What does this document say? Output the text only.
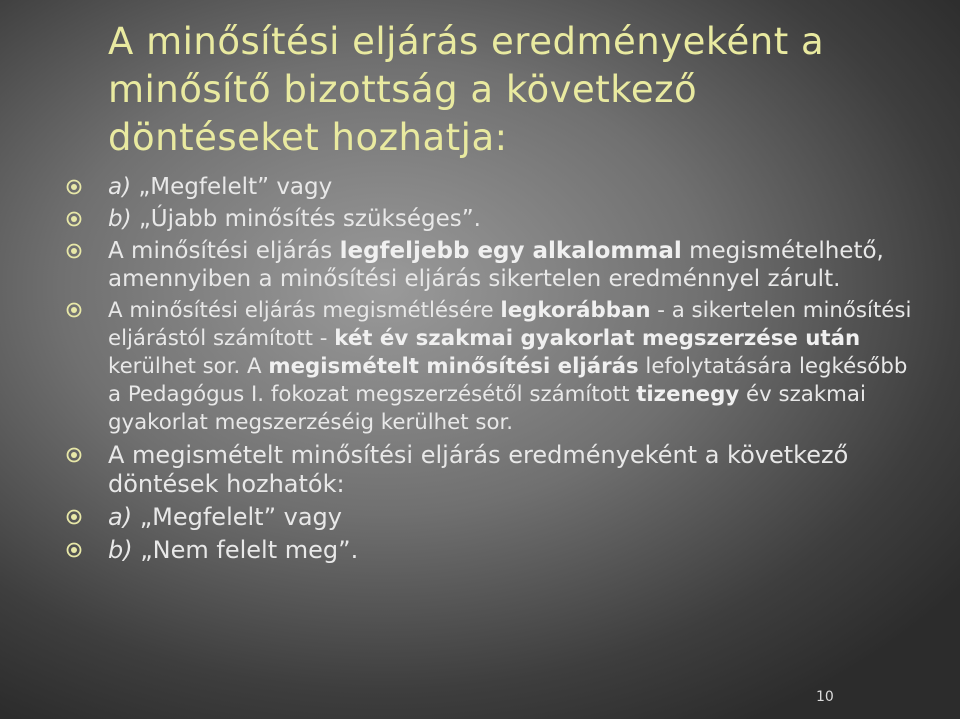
A minősítési eljárás eredményeként a
minősítő bizottság a következő
döntéseket hozhatja:
a) „Megfelelt” vagy
b) „Újabb minősítés szükséges”.
A minősítési eljárás legfeljebb egy alkalommal megismételhető, amennyiben a minősítési eljárás sikertelen eredménnyel zárult.
A minősítési eljárás megismétlésére legkorábban - a sikertelen minősítési eljárástól számított - két év szakmai gyakorlat megszerzése után kerülhet sor. A megismételt minősítési eljárás lefolytatására legkésőbb a Pedagógus I. fokozat megszerzésétől számított tizenegy év szakmai gyakorlat megszerzéséig kerülhet sor.
A megismételt minősítési eljárás eredményeként a következő döntések hozhatók:
a) „Megfelelt” vagy
b) „Nem felelt meg”.
10
